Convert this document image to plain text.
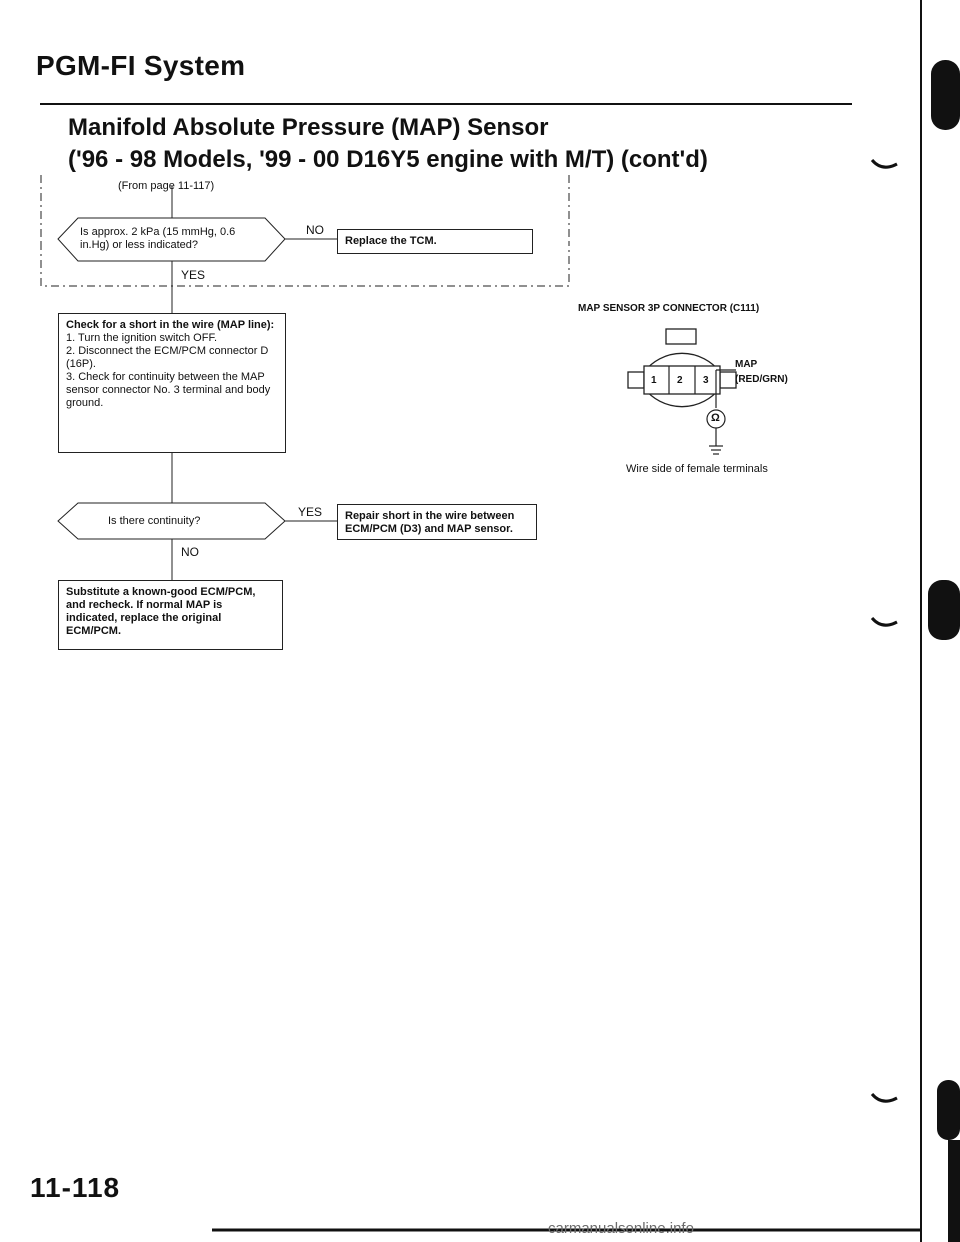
PGM-FI System
Manifold Absolute Pressure (MAP) Sensor
('96 - 98 Models, '99 - 00 D16Y5 engine with M/T) (cont'd)
(From page 11-117)
Is approx. 2 kPa (15 mmHg, 0.6 in.Hg) or less indicated?
NO
Replace the TCM.
YES
Check for a short in the wire (MAP line):
1. Turn the ignition switch OFF.
2. Disconnect the ECM/PCM connector D (16P).
3. Check for continuity between the MAP sensor connector No. 3 terminal and body ground.
Is there continuity?
YES	Repair short in the wire between ECM/PCM (D3) and MAP sensor.
NO
Substitute a known-good ECM/PCM, and recheck. If normal MAP is indicated, replace the original ECM/PCM.
MAP SENSOR 3P CONNECTOR (C111)
1 2 3
MAP
(RED/GRN)
Ω
Wire side of female terminals
11-118
carmanualsonline.info
